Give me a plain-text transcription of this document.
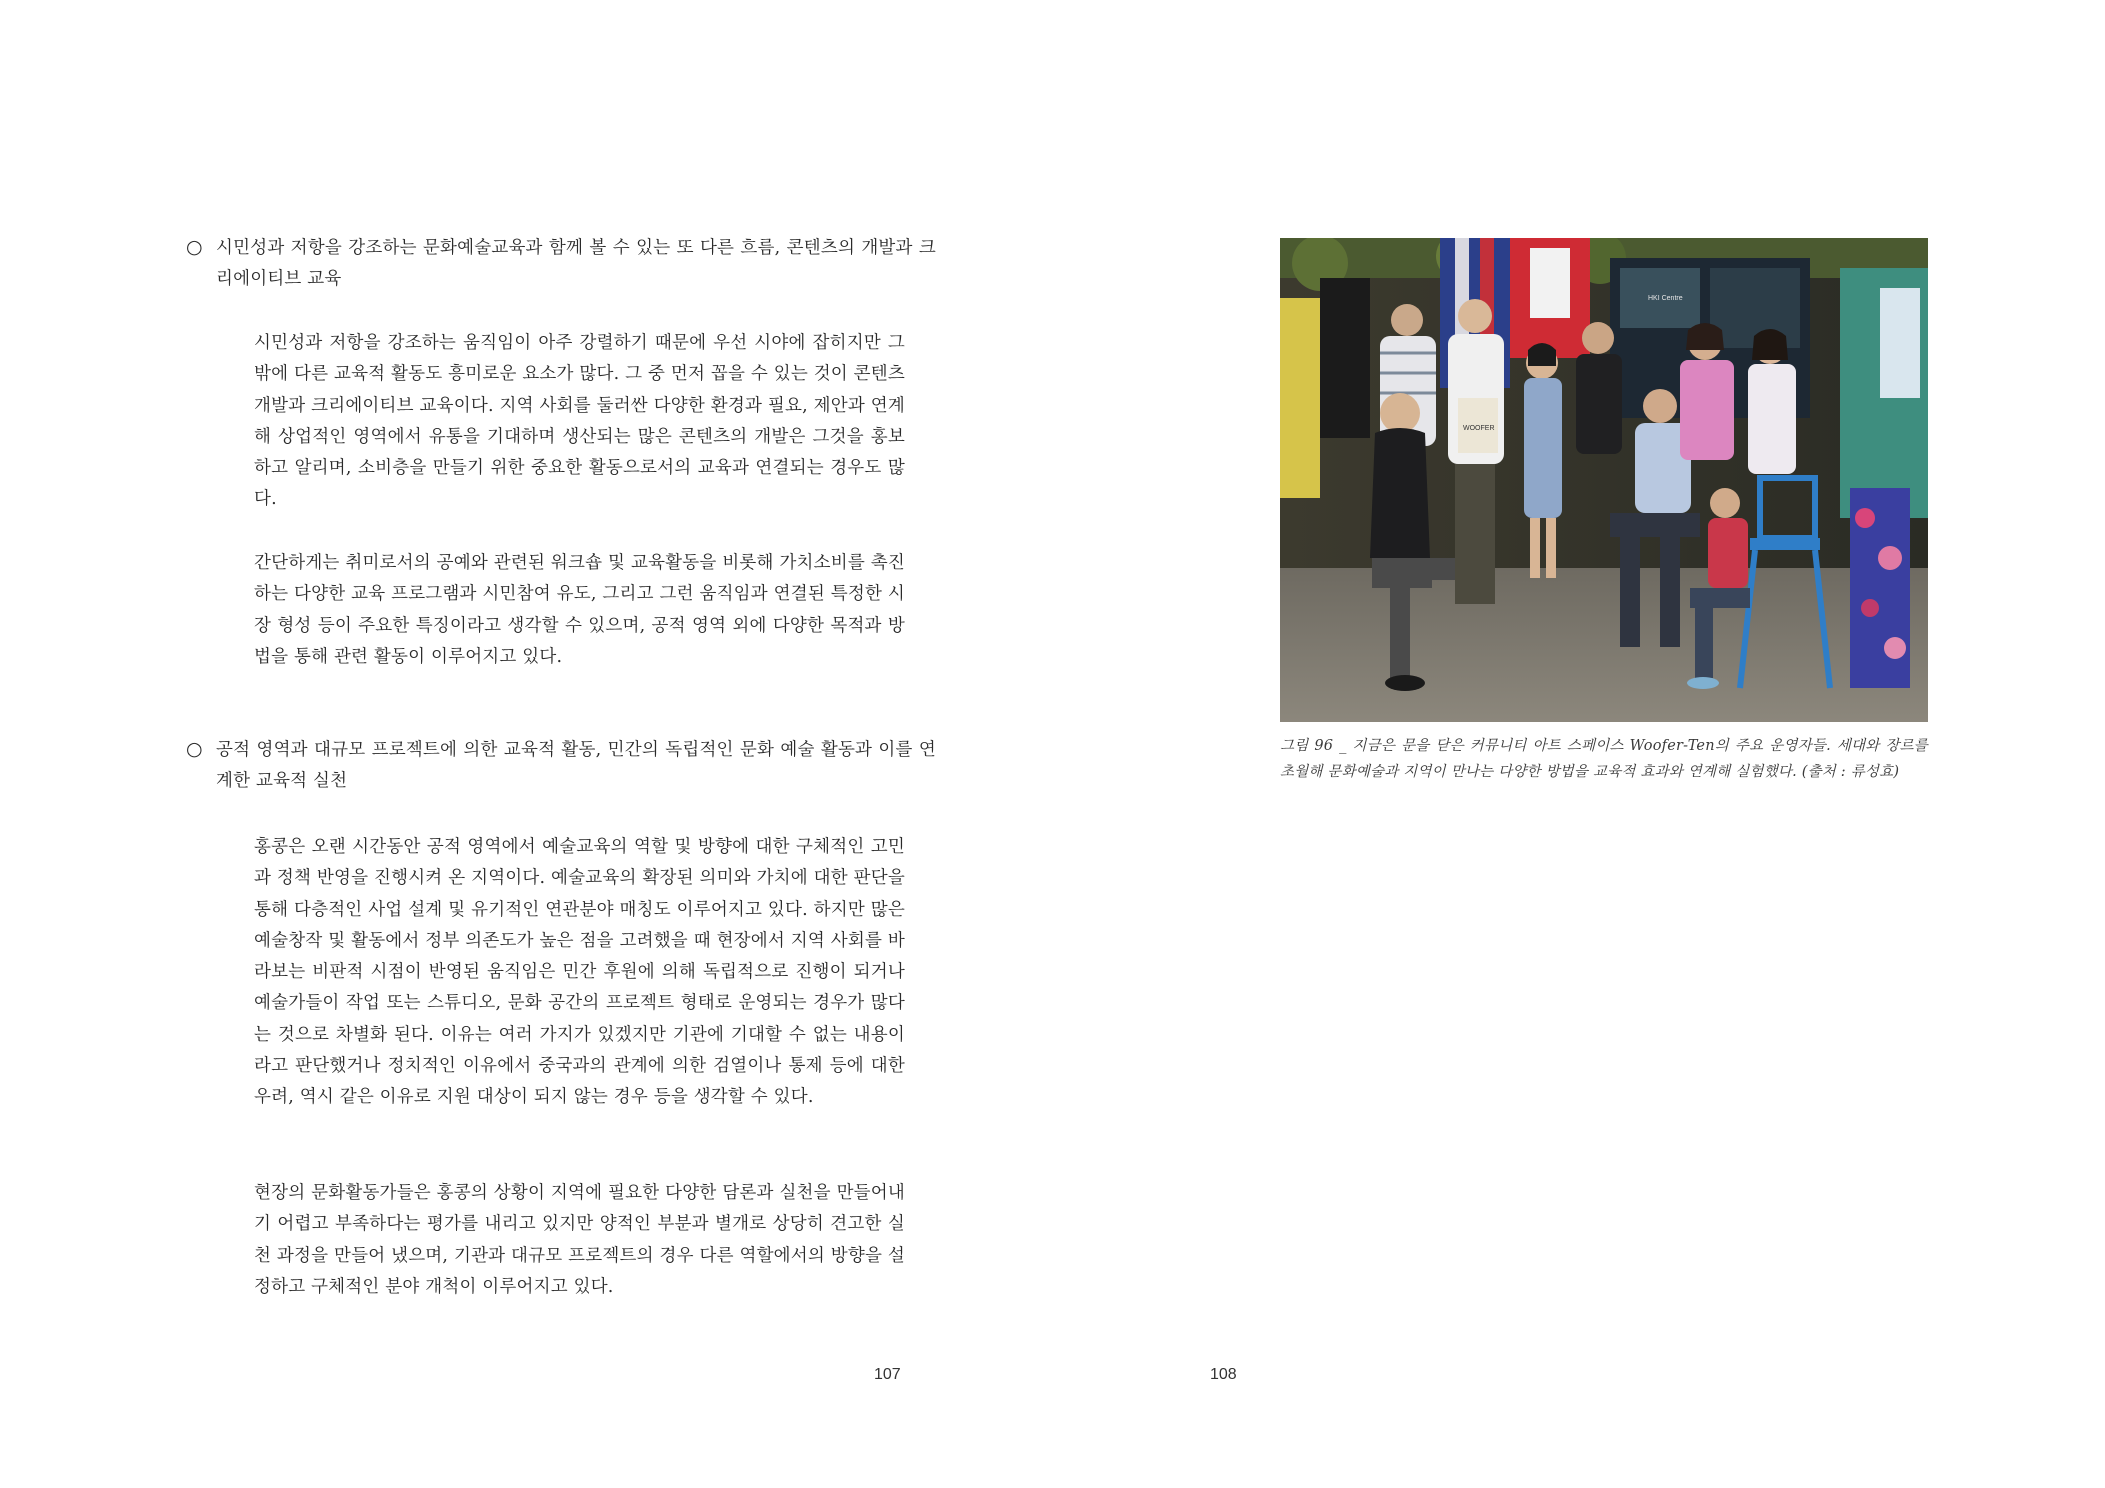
○ 시민성과 저항을 강조하는 문화예술교육과 함께 볼 수 있는 또 다른 흐름, 콘텐츠의 개발과 크리에이티브 교육

시민성과 저항을 강조하는 움직임이 아주 강렬하기 때문에 우선 시야에 잡히지만 그 밖에 다른 교육적 활동도 흥미로운 요소가 많다. 그 중 먼저 꼽을 수 있는 것이 콘텐츠 개발과 크리에이티브 교육이다. 지역 사회를 둘러싼 다양한 환경과 필요, 제안과 연계해 상업적인 영역에서 유통을 기대하며 생산되는 많은 콘텐츠의 개발은 그것을 홍보하고 알리며, 소비층을 만들기 위한 중요한 활동으로서의 교육과 연결되는 경우도 많다.

간단하게는 취미로서의 공예와 관련된 워크숍 및 교육활동을 비롯해 가치소비를 촉진하는 다양한 교육 프로그램과 시민참여 유도, 그리고 그런 움직임과 연결된 특정한 시장 형성 등이 주요한 특징이라고 생각할 수 있으며, 공적 영역 외에 다양한 목적과 방법을 통해 관련 활동이 이루어지고 있다.

○ 공적 영역과 대규모 프로젝트에 의한 교육적 활동, 민간의 독립적인 문화 예술 활동과 이를 연계한 교육적 실천

홍콩은 오랜 시간동안 공적 영역에서 예술교육의 역할 및 방향에 대한 구체적인 고민과 정책 반영을 진행시켜 온 지역이다. 예술교육의 확장된 의미와 가치에 대한 판단을 통해 다층적인 사업 설계 및 유기적인 연관분야 매칭도 이루어지고 있다. 하지만 많은 예술창작 및 활동에서 정부 의존도가 높은 점을 고려했을 때 현장에서 지역 사회를 바라보는 비판적 시점이 반영된 움직임은 민간 후원에 의해 독립적으로 진행이 되거나 예술가들이 작업 또는 스튜디오, 문화 공간의 프로젝트 형태로 운영되는 경우가 많다는 것으로 차별화 된다. 이유는 여러 가지가 있겠지만 기관에 기대할 수 없는 내용이라고 판단했거나 정치적인 이유에서 중국과의 관계에 의한 검열이나 통제 등에 대한 우려, 역시 같은 이유로 지원 대상이 되지 않는 경우 등을 생각할 수 있다.

현장의 문화활동가들은 홍콩의 상황이 지역에 필요한 다양한 담론과 실천을 만들어내기 어렵고 부족하다는 평가를 내리고 있지만 양적인 부분과 별개로 상당히 견고한 실천 과정을 만들어 냈으며, 기관과 대규모 프로젝트의 경우 다른 역할에서의 방향을 설정하고 구체적인 분야 개척이 이루어지고 있다.

107	108
HKI Centre
WOOFER
그림 96 _ 지금은 문을 닫은 커뮤니티 아트 스페이스 Woofer-Ten의 주요 운영자들. 세대와 장르를 초월해 문화예술과 지역이 만나는 다양한 방법을 교육적 효과와 연계해 실험했다. (출처 : 류성효)
